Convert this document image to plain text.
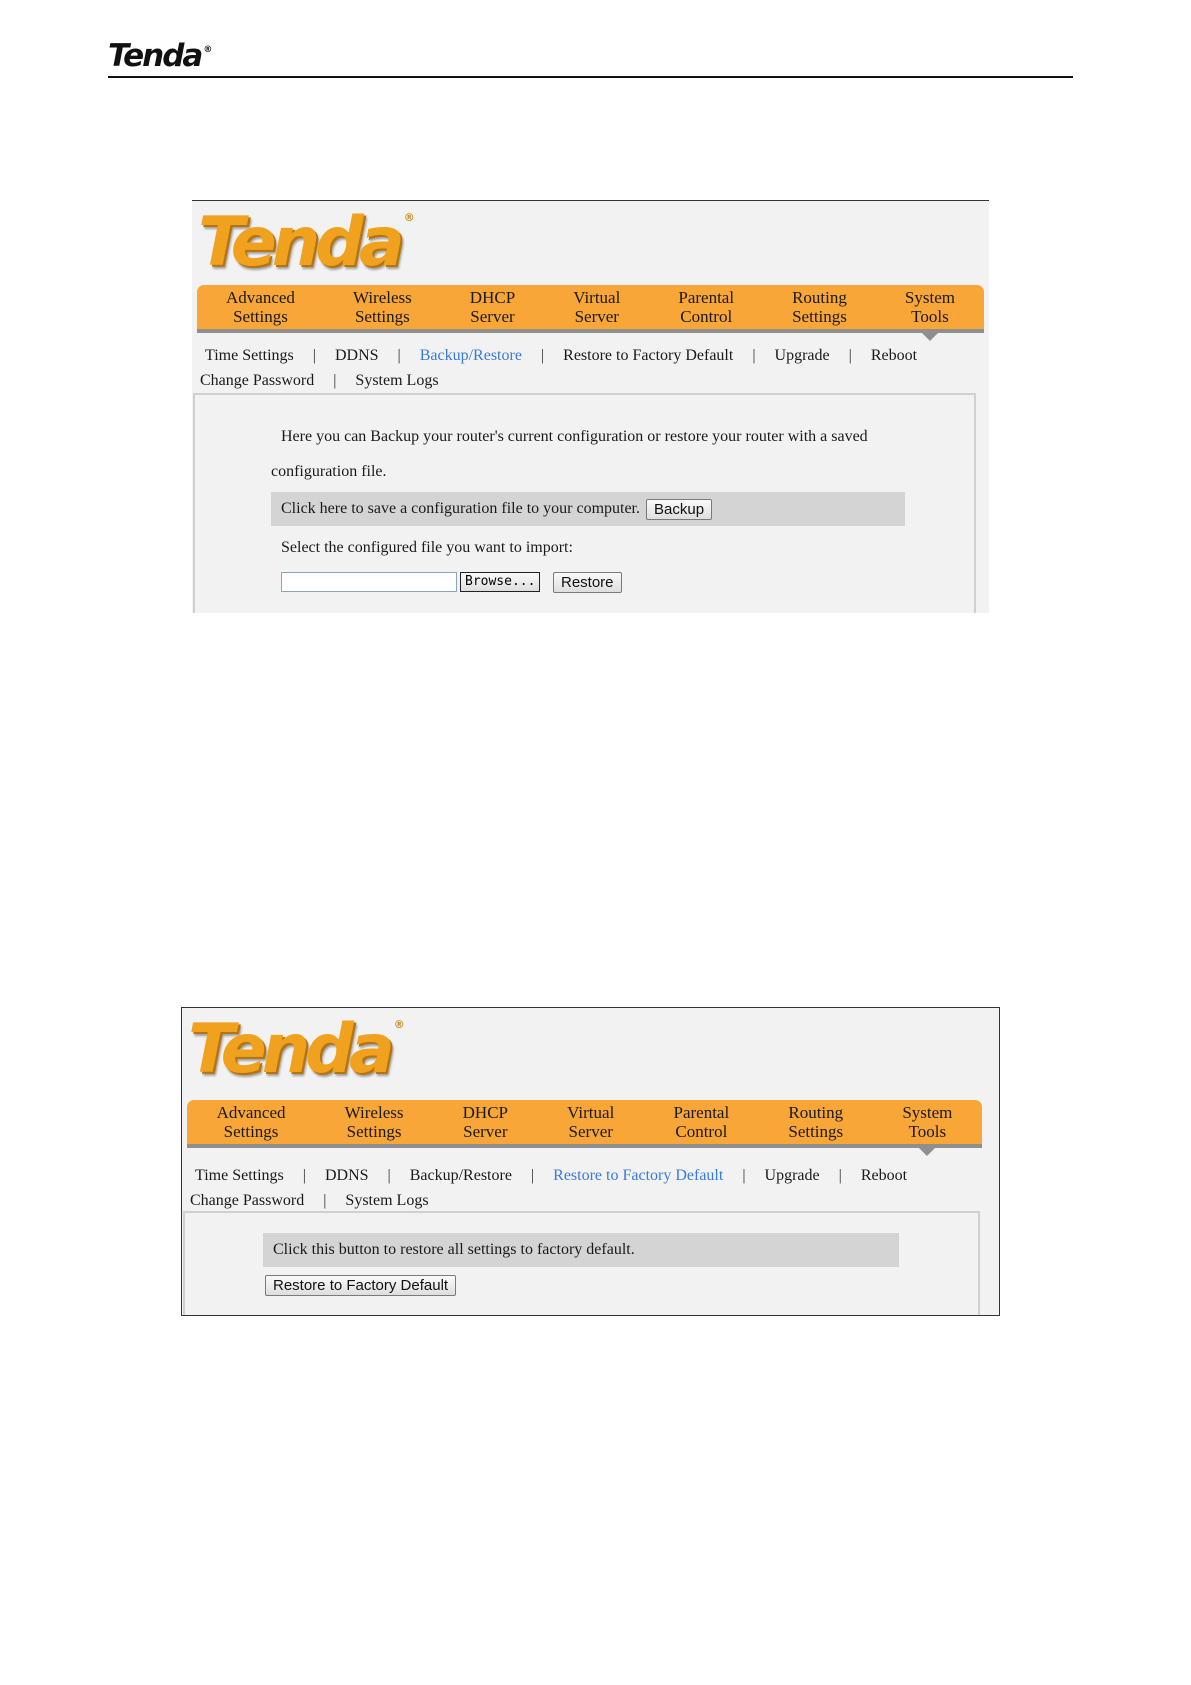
Tenda ®
Tenda ®
Advanced
Settings
Wireless
Settings
DHCP
Server
Virtual
Server
Parental
Control
Routing
Settings
System
Tools
Time Settings	|	DDNS	|	Backup/Restore	|	Restore to Factory Default	|	Upgrade	|	Reboot
Change Password	|	System Logs
Here you can Backup your router's current configuration or restore your router with a saved
configuration file.
Click here to save a configuration file to your computer. Backup
Select the configured file you want to import:
Browse...	Restore
Tenda ®
Advanced
Settings
Wireless
Settings
DHCP
Server
Virtual
Server
Parental
Control
Routing
Settings
System
Tools
Time Settings	|	DDNS	|	Backup/Restore	|	Restore to Factory Default	|	Upgrade	|	Reboot
Change Password	|	System Logs
Click this button to restore all settings to factory default.
Restore to Factory Default
